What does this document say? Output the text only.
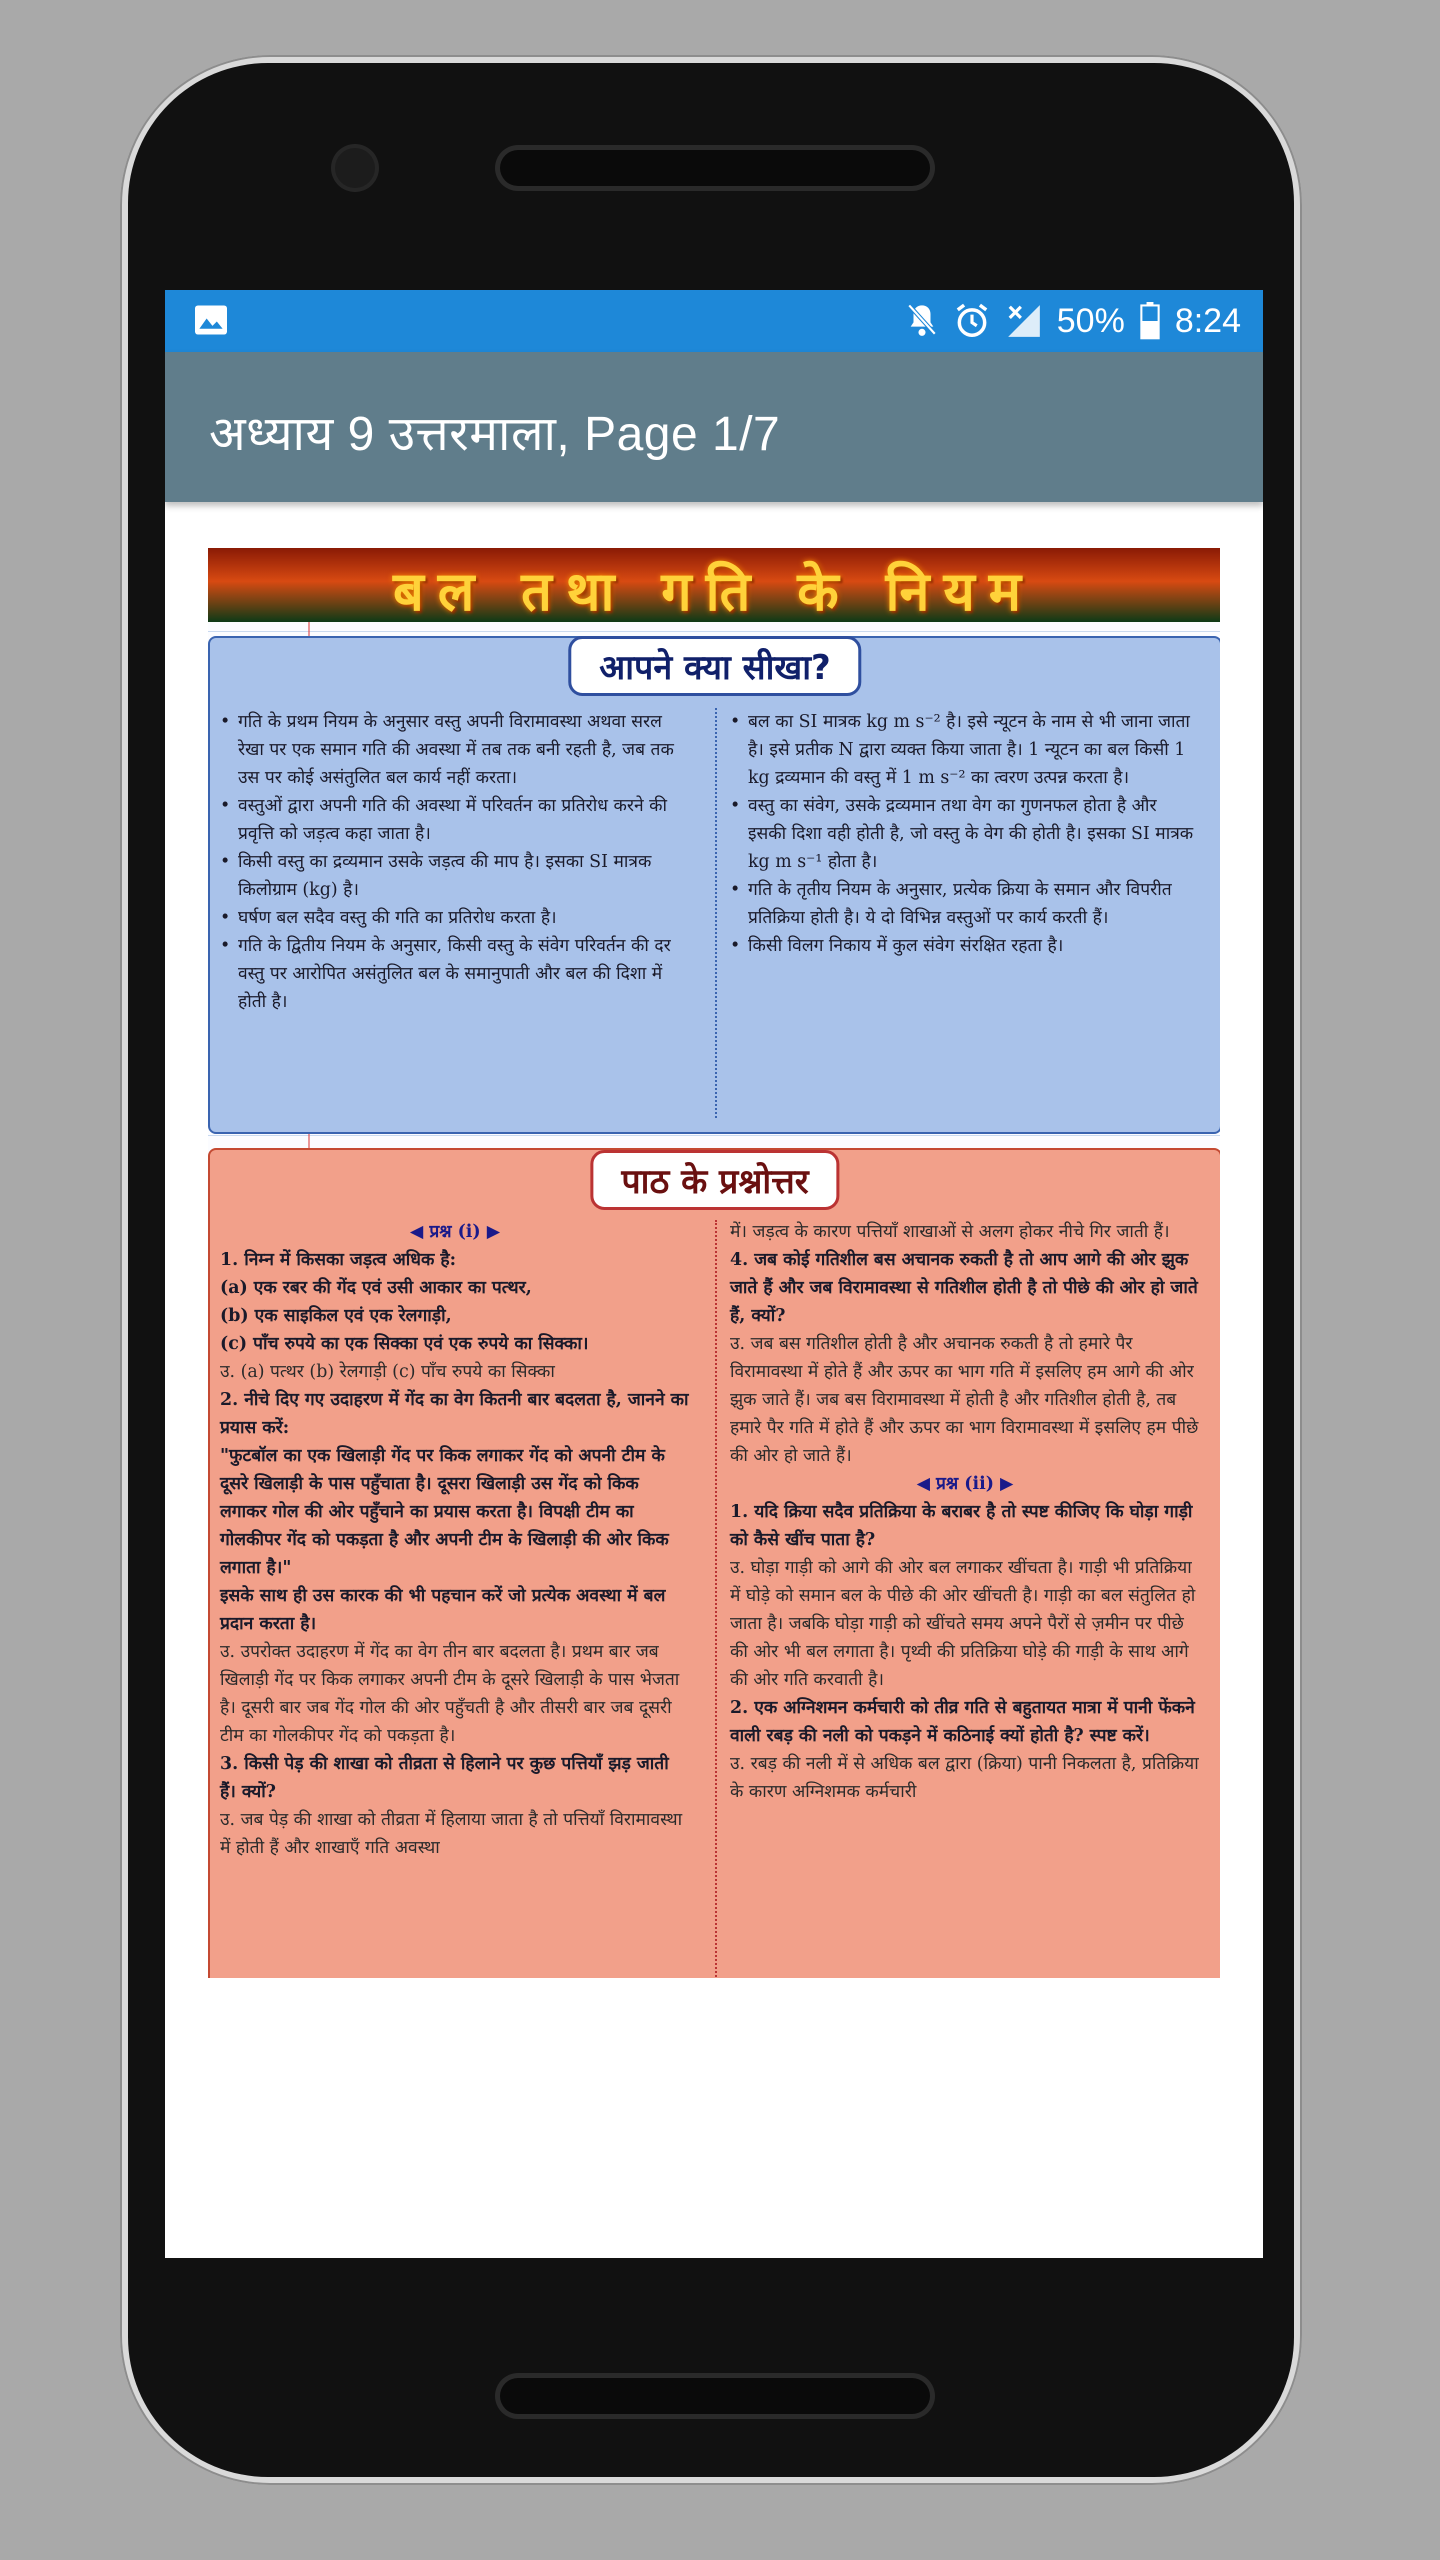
50% 8:24
अध्याय 9 उत्तरमाला, Page 1/7
बल तथा गति के नियम
आपने क्या सीखा?
• गति के प्रथम नियम के अनुसार वस्तु अपनी विरामावस्था अथवा सरल रेखा पर एक समान गति की अवस्था में तब तक बनी रहती है, जब तक उस पर कोई असंतुलित बल कार्य नहीं करता।
• वस्तुओं द्वारा अपनी गति की अवस्था में परिवर्तन का प्रतिरोध करने की प्रवृत्ति को जड़त्व कहा जाता है।
• किसी वस्तु का द्रव्यमान उसके जड़त्व की माप है। इसका SI मात्रक किलोग्राम (kg) है।
• घर्षण बल सदैव वस्तु की गति का प्रतिरोध करता है।
• गति के द्वितीय नियम के अनुसार, किसी वस्तु के संवेग परिवर्तन की दर वस्तु पर आरोपित असंतुलित बल के समानुपाती और बल की दिशा में होती है।
• बल का SI मात्रक kg m s⁻² है। इसे न्यूटन के नाम से भी जाना जाता है। इसे प्रतीक N द्वारा व्यक्त किया जाता है। 1 न्यूटन का बल किसी 1 kg द्रव्यमान की वस्तु में 1 m s⁻² का त्वरण उत्पन्न करता है।
• वस्तु का संवेग, उसके द्रव्यमान तथा वेग का गुणनफल होता है और इसकी दिशा वही होती है, जो वस्तु के वेग की होती है। इसका SI मात्रक kg m s⁻¹ होता है।
• गति के तृतीय नियम के अनुसार, प्रत्येक क्रिया के समान और विपरीत प्रतिक्रिया होती है। ये दो विभिन्न वस्तुओं पर कार्य करती हैं।
• किसी विलग निकाय में कुल संवेग संरक्षित रहता है।
पाठ के प्रश्नोत्तर
◀ प्रश्न (i) ▶
1. निम्न में किसका जड़त्व अधिक है:
(a) एक रबर की गेंद एवं उसी आकार का पत्थर,
(b) एक साइकिल एवं एक रेलगाड़ी,
(c) पाँच रुपये का एक सिक्का एवं एक रुपये का सिक्का।
उ. (a) पत्थर (b) रेलगाड़ी (c) पाँच रुपये का सिक्का
2. नीचे दिए गए उदाहरण में गेंद का वेग कितनी बार बदलता है, जानने का प्रयास करें:
"फुटबॉल का एक खिलाड़ी गेंद पर किक लगाकर गेंद को अपनी टीम के दूसरे खिलाड़ी के पास पहुँचाता है। दूसरा खिलाड़ी उस गेंद को किक लगाकर गोल की ओर पहुँचाने का प्रयास करता है। विपक्षी टीम का गोलकीपर गेंद को पकड़ता है और अपनी टीम के खिलाड़ी की ओर किक लगाता है।"
इसके साथ ही उस कारक की भी पहचान करें जो प्रत्येक अवस्था में बल प्रदान करता है।
उ. उपरोक्त उदाहरण में गेंद का वेग तीन बार बदलता है। प्रथम बार जब खिलाड़ी गेंद पर किक लगाकर अपनी टीम के दूसरे खिलाड़ी के पास भेजता है। दूसरी बार जब गेंद गोल की ओर पहुँचती है और तीसरी बार जब दूसरी टीम का गोलकीपर गेंद को पकड़ता है।
3. किसी पेड़ की शाखा को तीव्रता से हिलाने पर कुछ पत्तियाँ झड़ जाती हैं। क्यों?
उ. जब पेड़ की शाखा को तीव्रता में हिलाया जाता है तो पत्तियाँ विरामावस्था में होती हैं और शाखाएँ गति अवस्था
में। जड़त्व के कारण पत्तियाँ शाखाओं से अलग होकर नीचे गिर जाती हैं।
4. जब कोई गतिशील बस अचानक रुकती है तो आप आगे की ओर झुक जाते हैं और जब विरामावस्था से गतिशील होती है तो पीछे की ओर हो जाते हैं, क्यों?
उ. जब बस गतिशील होती है और अचानक रुकती है तो हमारे पैर विरामावस्था में होते हैं और ऊपर का भाग गति में इसलिए हम आगे की ओर झुक जाते हैं। जब बस विरामावस्था में होती है और गतिशील होती है, तब हमारे पैर गति में होते हैं और ऊपर का भाग विरामावस्था में इसलिए हम पीछे की ओर हो जाते हैं।
◀ प्रश्न (ii) ▶
1. यदि क्रिया सदैव प्रतिक्रिया के बराबर है तो स्पष्ट कीजिए कि घोड़ा गाड़ी को कैसे खींच पाता है?
उ. घोड़ा गाड़ी को आगे की ओर बल लगाकर खींचता है। गाड़ी भी प्रतिक्रिया में घोड़े को समान बल के पीछे की ओर खींचती है। गाड़ी का बल संतुलित हो जाता है। जबकि घोड़ा गाड़ी को खींचते समय अपने पैरों से ज़मीन पर पीछे की ओर भी बल लगाता है। पृथ्वी की प्रतिक्रिया घोड़े की गाड़ी के साथ आगे की ओर गति करवाती है।
2. एक अग्निशमन कर्मचारी को तीव्र गति से बहुतायत मात्रा में पानी फेंकने वाली रबड़ की नली को पकड़ने में कठिनाई क्यों होती है? स्पष्ट करें।
उ. रबड़ की नली में से अधिक बल द्वारा (क्रिया) पानी निकलता है, प्रतिक्रिया के कारण अग्निशमक कर्मचारी
